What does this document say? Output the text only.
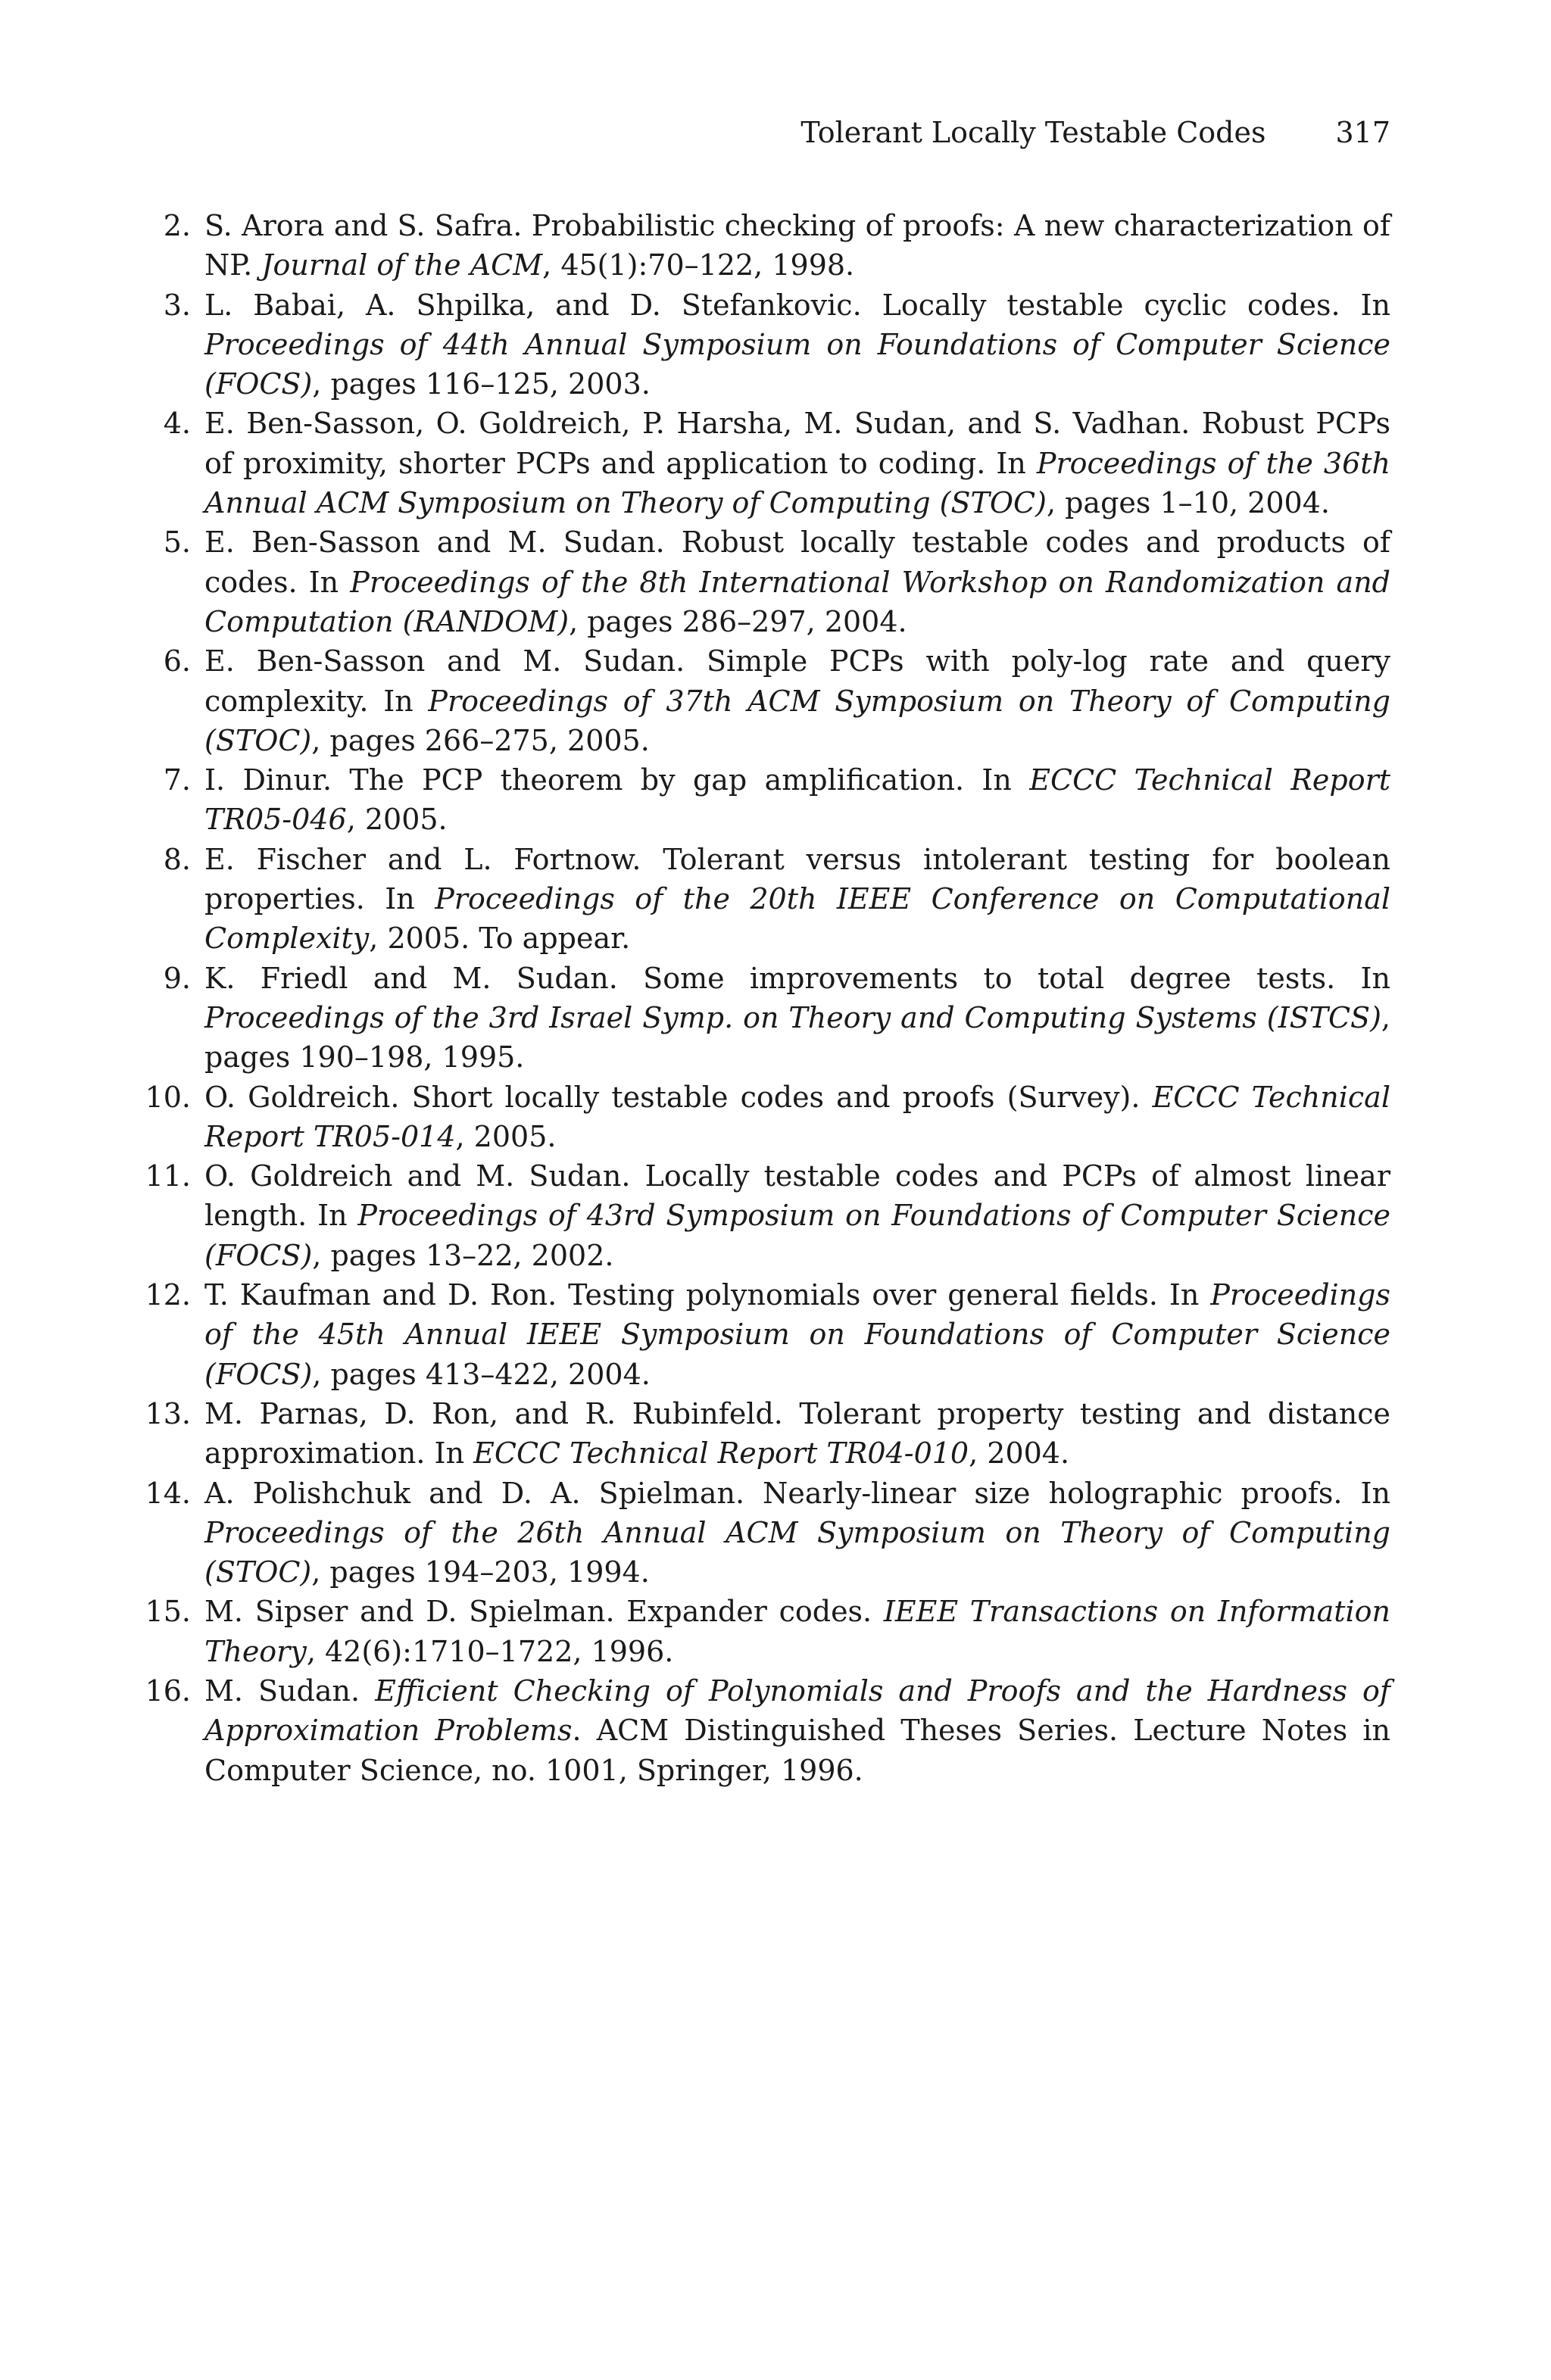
Tolerant Locally Testable Codes 317
2. S. Arora and S. Safra. Probabilistic checking of proofs: A new characterization of NP. Journal of the ACM, 45(1):70–122, 1998.
3. L. Babai, A. Shpilka, and D. Stefankovic. Locally testable cyclic codes. In Proceedings of 44th Annual Symposium on Foundations of Computer Science (FOCS), pages 116–125, 2003.
4. E. Ben-Sasson, O. Goldreich, P. Harsha, M. Sudan, and S. Vadhan. Robust PCPs of proximity, shorter PCPs and application to coding. In Proceedings of the 36th Annual ACM Symposium on Theory of Computing (STOC), pages 1–10, 2004.
5. E. Ben-Sasson and M. Sudan. Robust locally testable codes and products of codes. In Proceedings of the 8th International Workshop on Randomization and Computation (RANDOM), pages 286–297, 2004.
6. E. Ben-Sasson and M. Sudan. Simple PCPs with poly-log rate and query complexity. In Proceedings of 37th ACM Symposium on Theory of Computing (STOC), pages 266–275, 2005.
7. I. Dinur. The PCP theorem by gap amplification. In ECCC Technical Report TR05-046, 2005.
8. E. Fischer and L. Fortnow. Tolerant versus intolerant testing for boolean properties. In Proceedings of the 20th IEEE Conference on Computational Complexity, 2005. To appear.
9. K. Friedl and M. Sudan. Some improvements to total degree tests. In Proceedings of the 3rd Israel Symp. on Theory and Computing Systems (ISTCS), pages 190–198, 1995.
10. O. Goldreich. Short locally testable codes and proofs (Survey). ECCC Technical Report TR05-014, 2005.
11. O. Goldreich and M. Sudan. Locally testable codes and PCPs of almost linear length. In Proceedings of 43rd Symposium on Foundations of Computer Science (FOCS), pages 13–22, 2002.
12. T. Kaufman and D. Ron. Testing polynomials over general fields. In Proceedings of the 45th Annual IEEE Symposium on Foundations of Computer Science (FOCS), pages 413–422, 2004.
13. M. Parnas, D. Ron, and R. Rubinfeld. Tolerant property testing and distance approximation. In ECCC Technical Report TR04-010, 2004.
14. A. Polishchuk and D. A. Spielman. Nearly-linear size holographic proofs. In Proceedings of the 26th Annual ACM Symposium on Theory of Computing (STOC), pages 194–203, 1994.
15. M. Sipser and D. Spielman. Expander codes. IEEE Transactions on Information Theory, 42(6):1710–1722, 1996.
16. M. Sudan. Efficient Checking of Polynomials and Proofs and the Hardness of Approximation Problems. ACM Distinguished Theses Series. Lecture Notes in Computer Science, no. 1001, Springer, 1996.
